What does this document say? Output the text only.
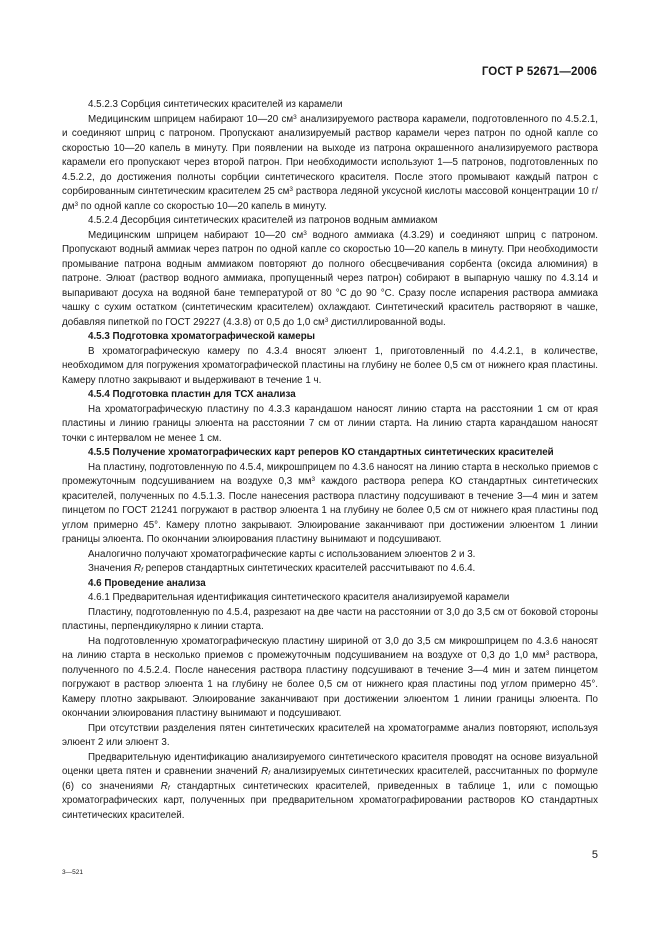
ГОСТ Р 52671—2006

4.5.2.3 Сорбция синтетических красителей из карамели

Медицинским шприцем набирают 10—20 $см^3$ анализируемого раствора карамели, подготовленного по 4.5.2.1, и соединяют шприц с патроном. Пропускают анализируемый раствор карамели через патрон по одной капле со скоростью 10—20 капель в минуту. При появлении на выходе из патрона окрашенного анализируемого раствора карамели его пропускают через второй патрон. При необходимости используют 1—5 патронов, подготовленных по 4.5.2.2, до достижения полноты сорбции синтетического красителя. После этого промывают каждый патрон с сорбированным синтетическим красителем 25 $см^3$ раствора ледяной уксусной кислоты массовой концентрации 10 $г/дм^3$ по одной капле со скоростью 10—20 капель в минуту.

4.5.2.4 Десорбция синтетических красителей из патронов водным аммиаком

Медицинским шприцем набирают 10—20 $см^3$ водного аммиака (4.3.29) и соединяют шприц с патроном. Пропускают водный аммиак через патрон по одной капле со скоростью 10—20 капель в минуту. При необходимости промывание патрона водным аммиаком повторяют до полного обесцвечивания сорбента (оксида алюминия) в патроне. Элюат (раствор водного аммиака, пропущенный через патрон) собирают в выпарную чашку по 4.3.14 и выпаривают досуха на водяной бане температурой от 80 °С до 90 °С. Сразу после испарения раствора аммиака чашку с сухим остатком (синтетическим красителем) охлаждают. Синтетический краситель растворяют в чашке, добавляя пипеткой по ГОСТ 29227 (4.3.8) от 0,5 до 1,0 $см^3$ дистиллированной воды.

4.5.3 Подготовка хроматографической камеры

В хроматографическую камеру по 4.3.4 вносят элюент 1, приготовленный по 4.4.2.1, в количестве, необходимом для погружения хроматографической пластины на глубину не более 0,5 см от нижнего края пластины. Камеру плотно закрывают и выдерживают в течение 1 ч.

4.5.4 Подготовка пластин для ТСХ анализа

На хроматографическую пластину по 4.3.3 карандашом наносят линию старта на расстоянии 1 см от края пластины и линию границы элюента на расстоянии 7 см от линии старта. На линию старта карандашом наносят точки с интервалом не менее 1 см.

4.5.5 Получение хроматографических карт реперов КО стандартных синтетических красителей

На пластину, подготовленную по 4.5.4, микрошприцем по 4.3.6 наносят на линию старта в несколько приемов с промежуточным подсушиванием на воздухе 0,3 $мм^3$ каждого раствора репера КО стандартных синтетических красителей, полученных по 4.5.1.3. После нанесения раствора пластину подсушивают в течение 3—4 мин и затем пинцетом по ГОСТ 21241 погружают в раствор элюента 1 на глубину не более 0,5 см от нижнего края пластины под углом примерно 45°. Камеру плотно закрывают. Элюирование заканчивают при достижении элюентом 1 линии границы элюента. По окончании элюирования пластину вынимают и подсушивают.

Аналогично получают хроматографические карты с использованием элюентов 2 и 3.

Значения $R_f$ реперов стандартных синтетических красителей рассчитывают по 4.6.4.

4.6 Проведение анализа

4.6.1 Предварительная идентификация синтетического красителя анализируемой карамели

Пластину, подготовленную по 4.5.4, разрезают на две части на расстоянии от 3,0 до 3,5 см от боковой стороны пластины, перпендикулярно к линии старта.

На подготовленную хроматографическую пластину шириной от 3,0 до 3,5 см микрошприцем по 4.3.6 наносят на линию старта в несколько приемов с промежуточным подсушиванием на воздухе от 0,3 до 1,0 $мм^3$ раствора, полученного по 4.5.2.4. После нанесения раствора пластину подсушивают в течение 3—4 мин и затем пинцетом погружают в раствор элюента 1 на глубину не более 0,5 см от нижнего края пластины под углом примерно 45°. Камеру плотно закрывают. Элюирование заканчивают при достижении элюентом 1 линии границы элюента. По окончании элюирования пластину вынимают и подсушивают.

При отсутствии разделения пятен синтетических красителей на хроматограмме анализ повторяют, используя элюент 2 или элюент 3.

Предварительную идентификацию анализируемого синтетического красителя проводят на основе визуальной оценки цвета пятен и сравнении значений $R_f$ анализируемых синтетических красителей, рассчитанных по формуле (6) со значениями $R_f$ стандартных синтетических красителей, приведенных в таблице 1, или с помощью хроматографических карт, полученных при предварительном хроматографировании растворов КО стандартных синтетических красителей.

3—521
5
